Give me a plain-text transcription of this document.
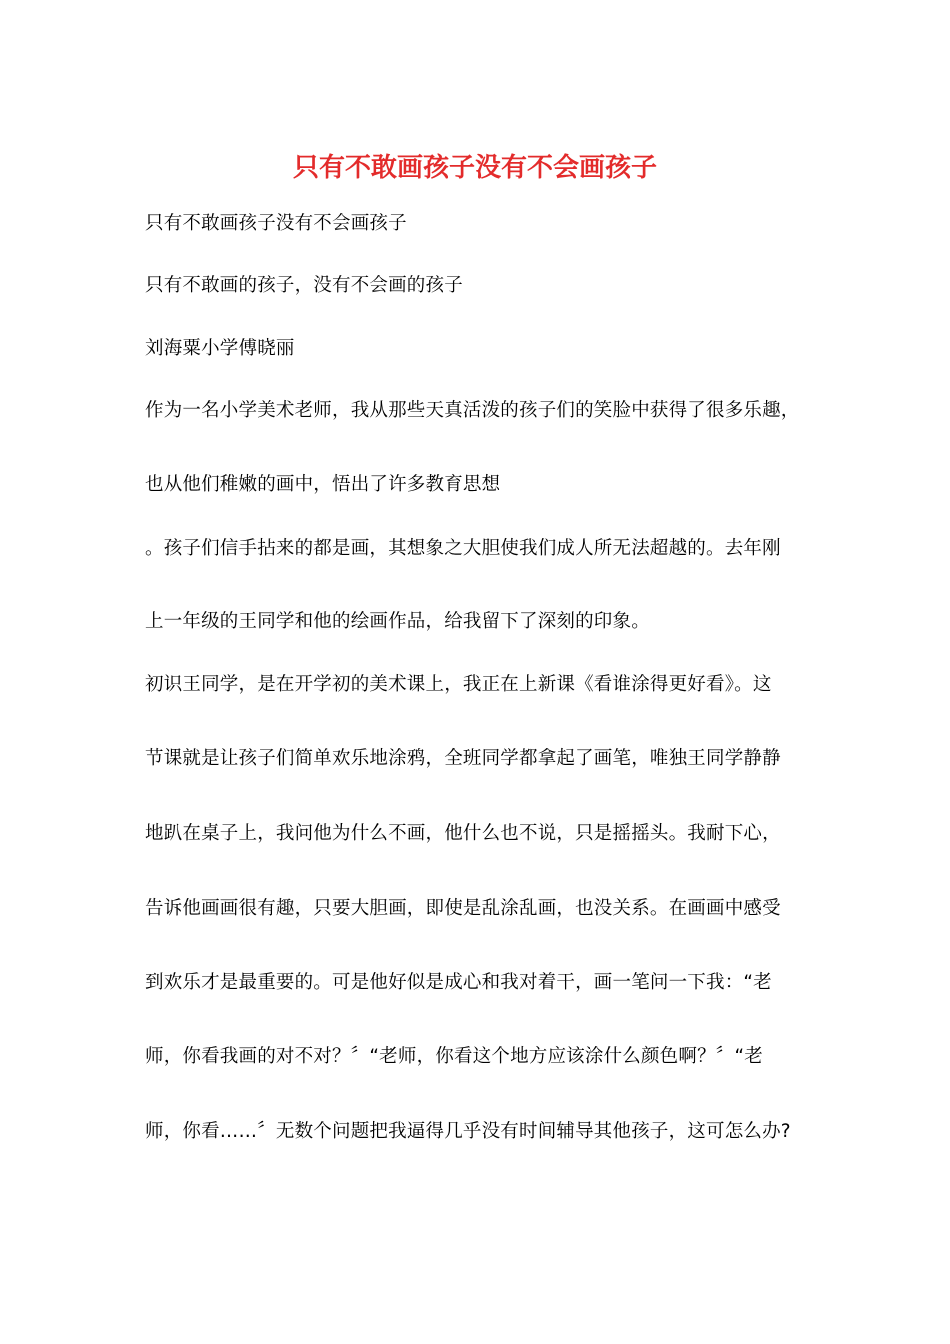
只有不敢画孩子没有不会画孩子
只有不敢画孩子没有不会画孩子
只有不敢画的孩子，没有不会画的孩子
刘海粟小学傅晓丽
作为一名小学美术老师，我从那些天真活泼的孩子们的笑脸中获得了很多乐趣，
也从他们稚嫩的画中，悟出了许多教育思想
。孩子们信手拈来的都是画，其想象之大胆使我们成人所无法超越的。去年刚
上一年级的王同学和他的绘画作品，给我留下了深刻的印象。
初识王同学，是在开学初的美术课上，我正在上新课《看谁涂得更好看》。这
节课就是让孩子们简单欢乐地涂鸦，全班同学都拿起了画笔，唯独王同学静静
地趴在桌子上，我问他为什么不画，他什么也不说，只是摇摇头。我耐下心，
告诉他画画很有趣，只要大胆画，即使是乱涂乱画，也没关系。在画画中感受
到欢乐才是最重要的。可是他好似是成心和我对着干，画一笔问一下我：“老
师，你看我画的对不对？〞“老师，你看这个地方应该涂什么颜色啊？〞“老
师，你看……〞无数个问题把我逼得几乎没有时间辅导其他孩子，这可怎么办?
